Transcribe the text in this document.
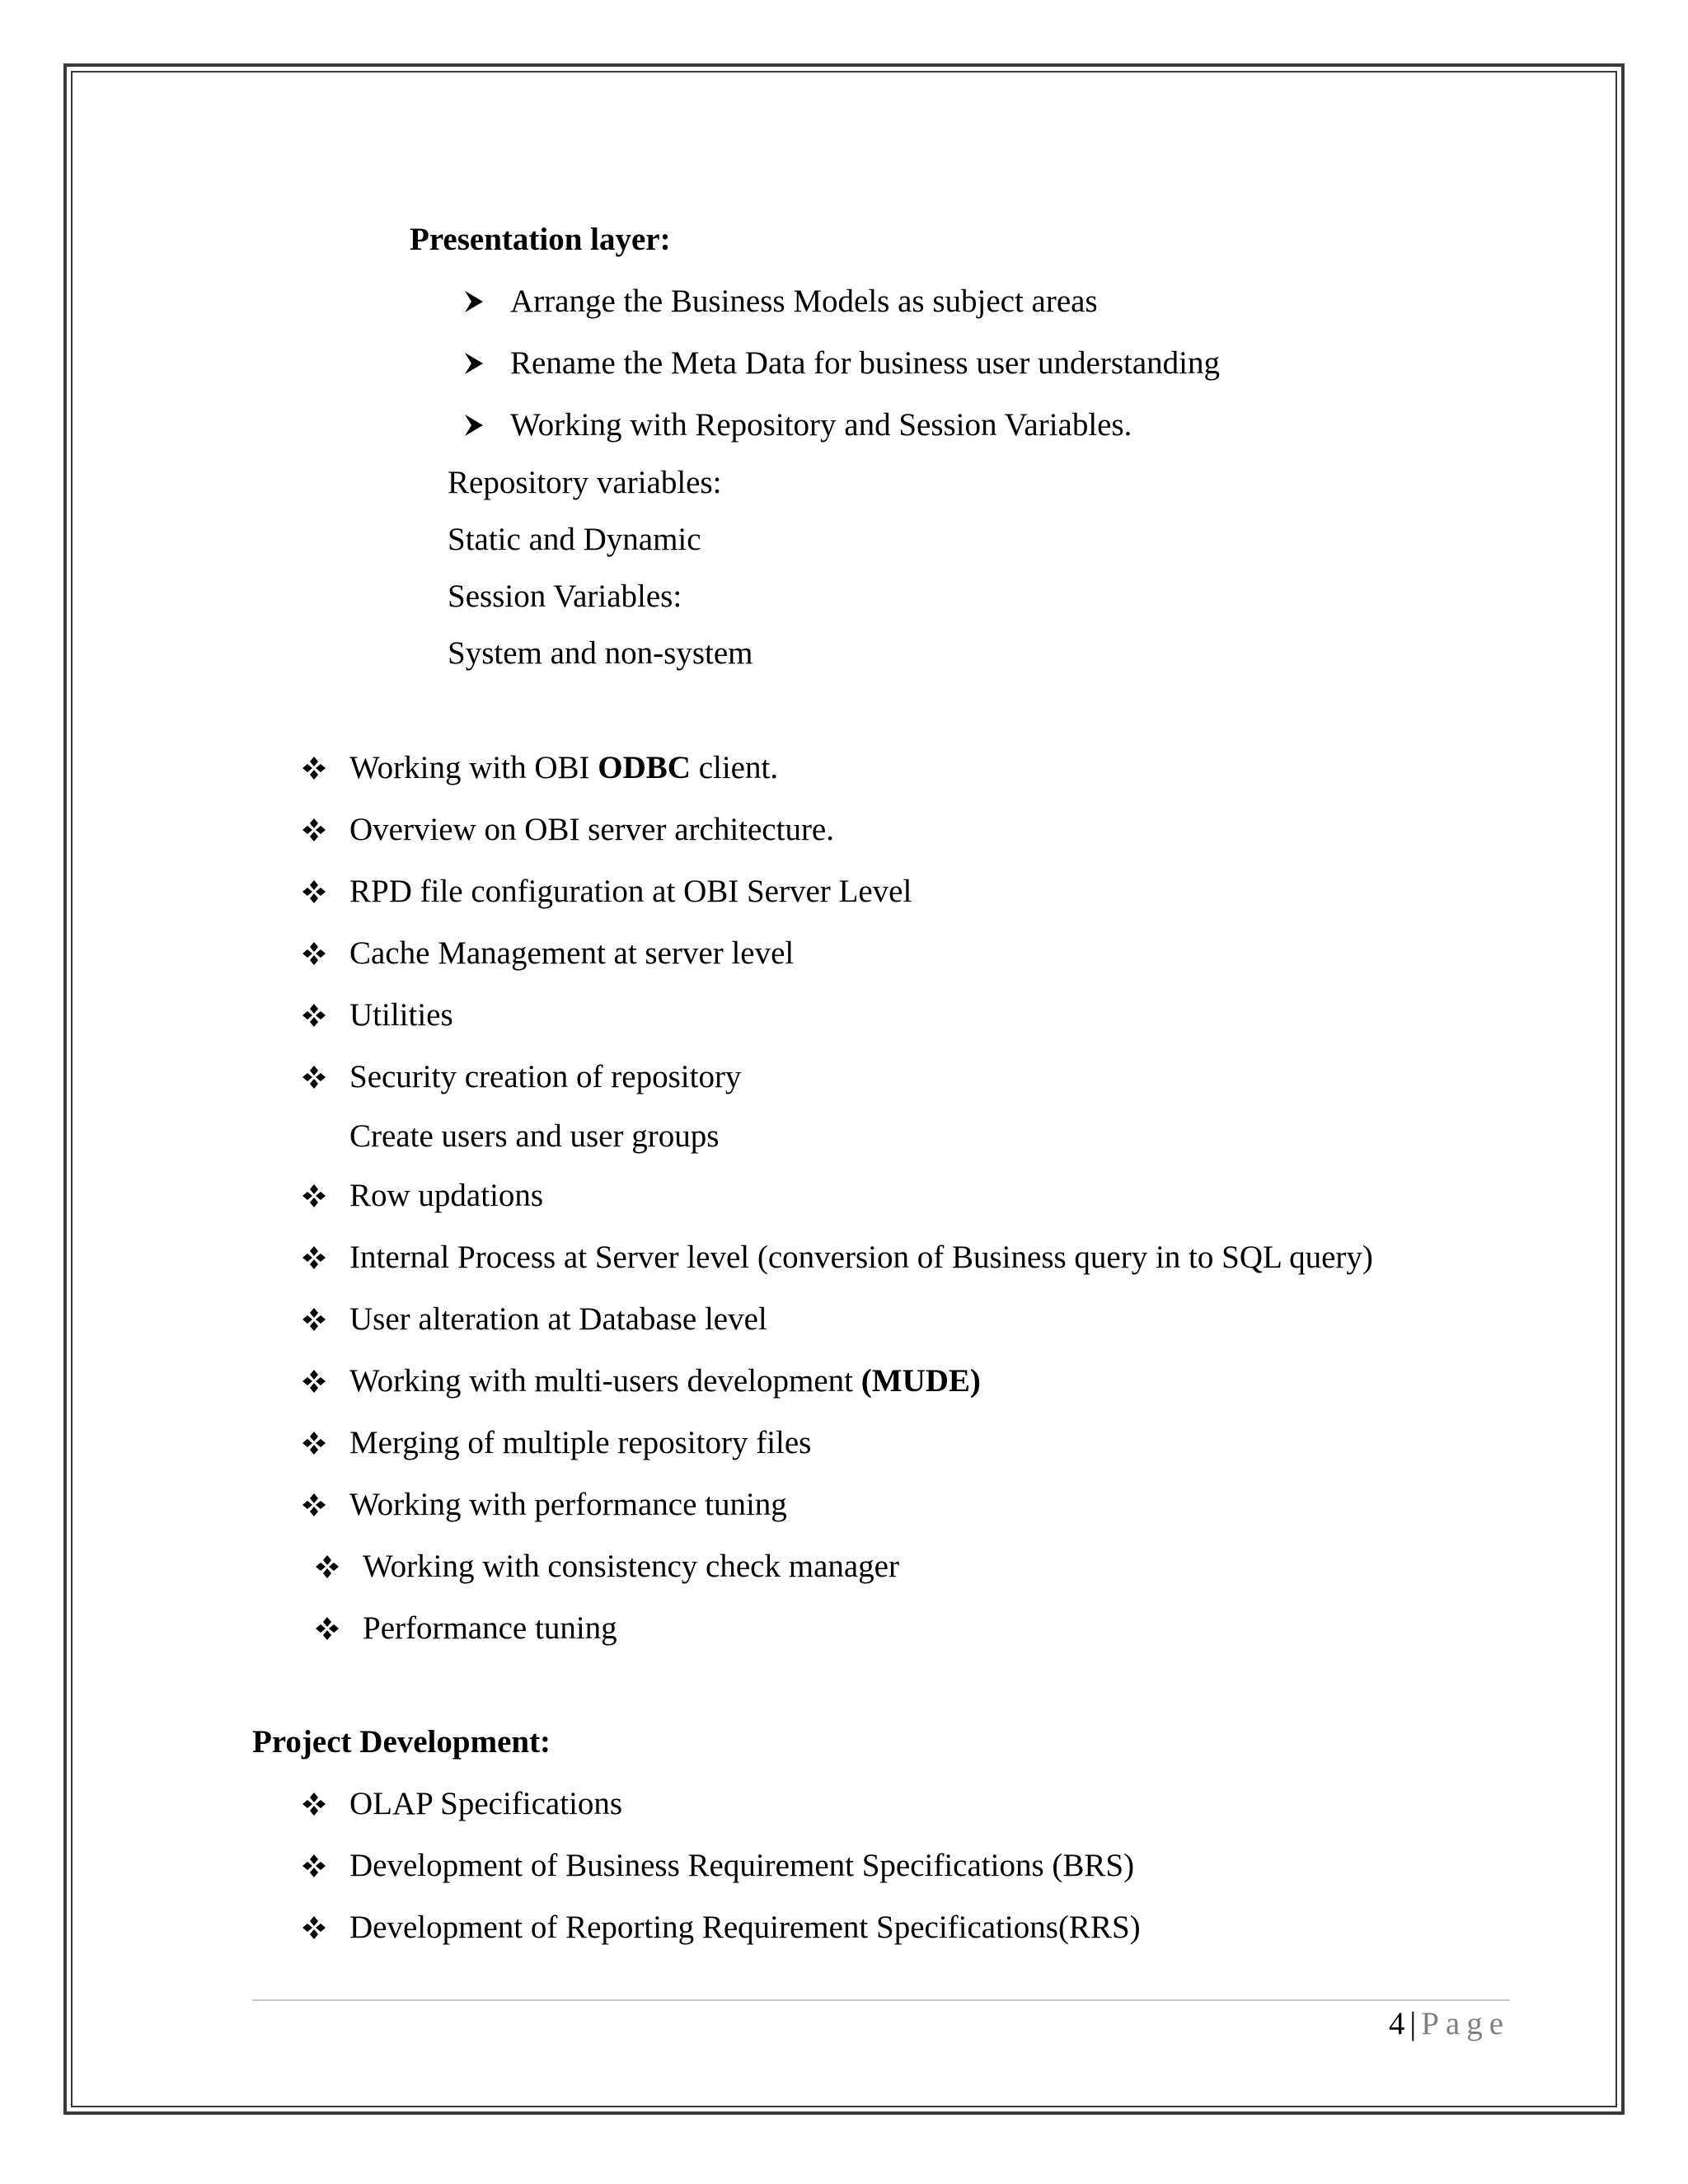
Presentation layer:
Arrange the Business Models as subject areas
Rename the Meta Data for business user understanding
Working with Repository and Session Variables.
Repository variables:
Static and Dynamic
Session Variables:
System and non-system
Working with OBI ODBC client.
Overview on OBI server architecture.
RPD file configuration at OBI Server Level
Cache Management at server level
Utilities
Security creation of repository
Create users and user groups
Row updations
Internal Process at Server level (conversion of Business query in to SQL query)
User alteration at Database level
Working with multi-users development (MUDE)
Merging of multiple repository files
Working with performance tuning
Working with consistency check manager
Performance tuning
Project Development:
OLAP Specifications
Development of Business Requirement Specifications (BRS)
Development of Reporting Requirement Specifications(RRS)
4 | Page
